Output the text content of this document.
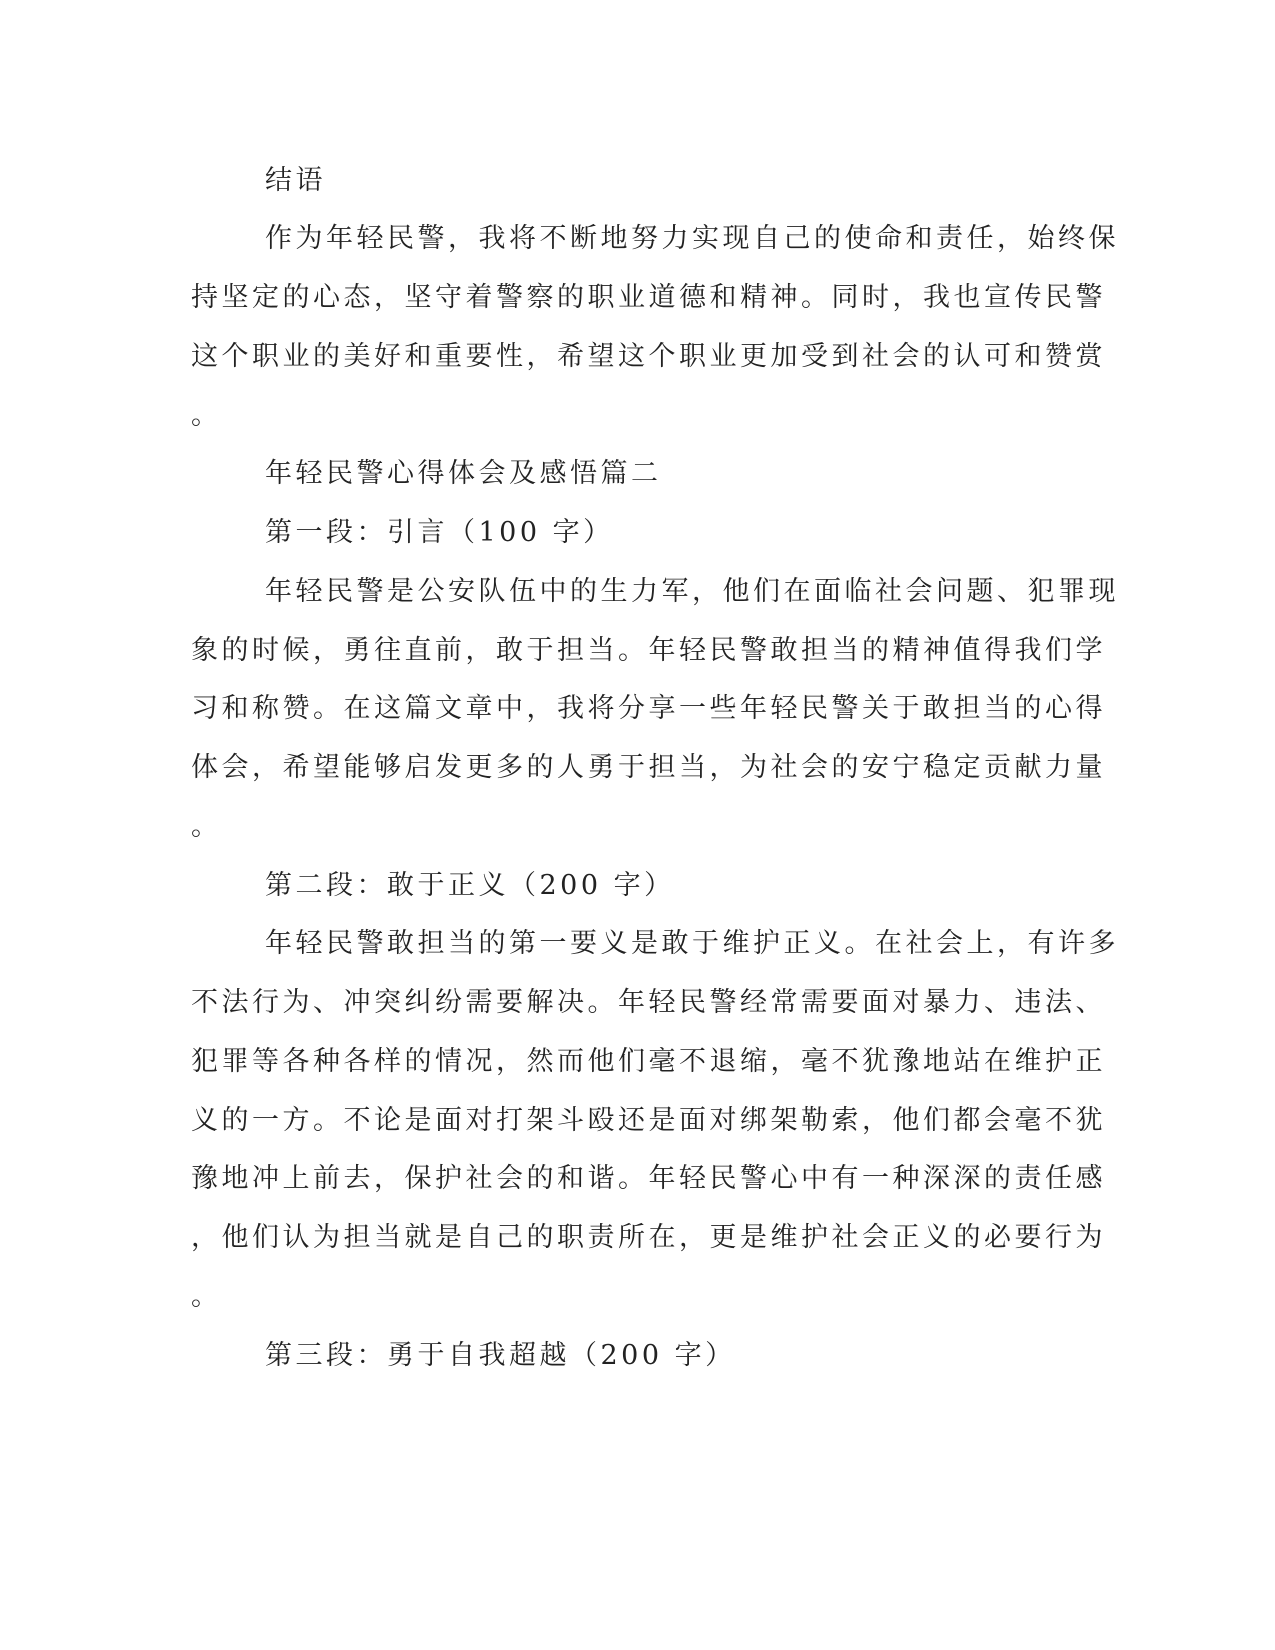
结语
作为年轻民警，我将不断地努力实现自己的使命和责任，始终保
持坚定的心态，坚守着警察的职业道德和精神。同时，我也宣传民警
这个职业的美好和重要性，希望这个职业更加受到社会的认可和赞赏
。
年轻民警心得体会及感悟篇二
第一段：引言（100 字）
年轻民警是公安队伍中的生力军，他们在面临社会问题、犯罪现
象的时候，勇往直前，敢于担当。年轻民警敢担当的精神值得我们学
习和称赞。在这篇文章中，我将分享一些年轻民警关于敢担当的心得
体会，希望能够启发更多的人勇于担当，为社会的安宁稳定贡献力量
。
第二段：敢于正义（200 字）
年轻民警敢担当的第一要义是敢于维护正义。在社会上，有许多
不法行为、冲突纠纷需要解决。年轻民警经常需要面对暴力、违法、
犯罪等各种各样的情况，然而他们毫不退缩，毫不犹豫地站在维护正
义的一方。不论是面对打架斗殴还是面对绑架勒索，他们都会毫不犹
豫地冲上前去，保护社会的和谐。年轻民警心中有一种深深的责任感
，他们认为担当就是自己的职责所在，更是维护社会正义的必要行为
。
第三段：勇于自我超越（200 字）
